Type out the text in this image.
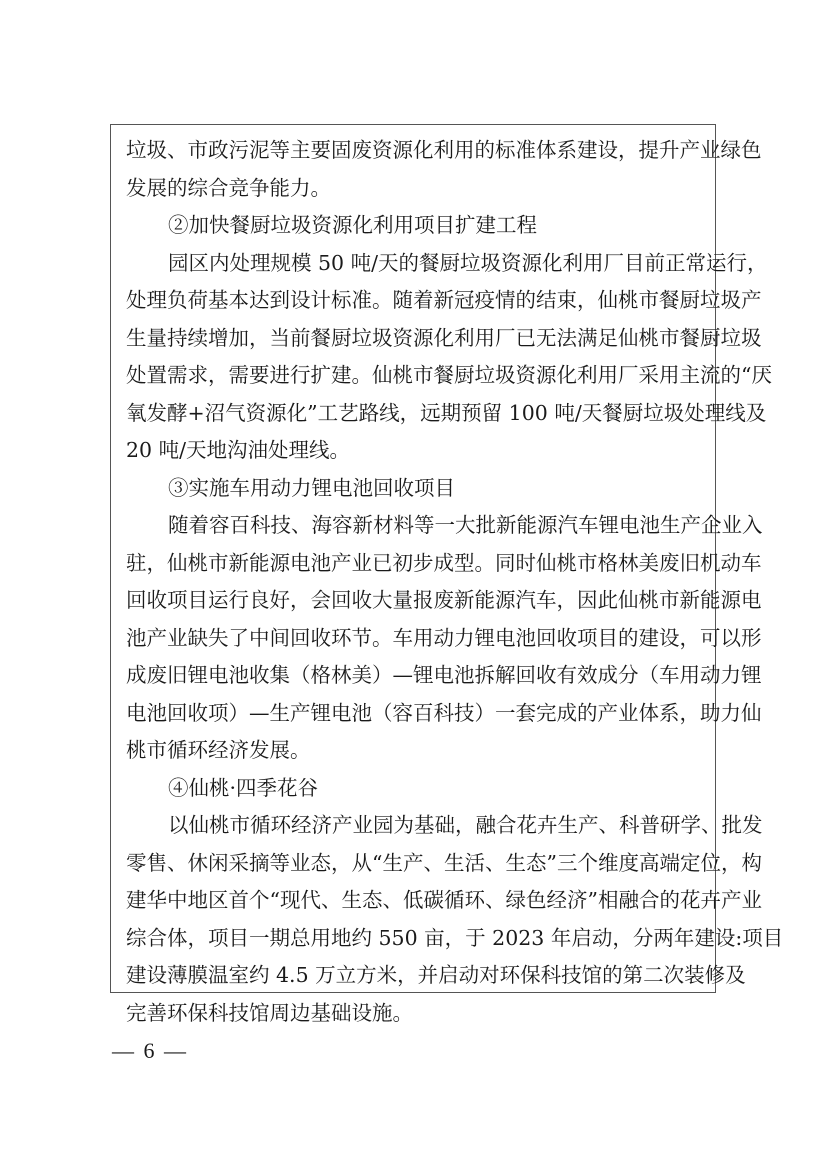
垃圾、市政污泥等主要固废资源化利用的标准体系建设，提升产业绿色
发展的综合竞争能力。
②加快餐厨垃圾资源化利用项目扩建工程
园区内处理规模 50 吨/天的餐厨垃圾资源化利用厂目前正常运行，
处理负荷基本达到设计标准。随着新冠疫情的结束，仙桃市餐厨垃圾产
生量持续增加，当前餐厨垃圾资源化利用厂已无法满足仙桃市餐厨垃圾
处置需求，需要进行扩建。仙桃市餐厨垃圾资源化利用厂采用主流的“厌
氧发酵+沼气资源化”工艺路线，远期预留 100 吨/天餐厨垃圾处理线及
20 吨/天地沟油处理线。
③实施车用动力锂电池回收项目
随着容百科技、海容新材料等一大批新能源汽车锂电池生产企业入
驻，仙桃市新能源电池产业已初步成型。同时仙桃市格林美废旧机动车
回收项目运行良好，会回收大量报废新能源汽车，因此仙桃市新能源电
池产业缺失了中间回收环节。车用动力锂电池回收项目的建设，可以形
成废旧锂电池收集（格林美）—锂电池拆解回收有效成分（车用动力锂
电池回收项）—生产锂电池（容百科技）一套完成的产业体系，助力仙
桃市循环经济发展。
④仙桃·四季花谷
以仙桃市循环经济产业园为基础，融合花卉生产、科普研学、批发
零售、休闲采摘等业态，从“生产、生活、生态”三个维度高端定位，构
建华中地区首个“现代、生态、低碳循环、绿色经济”相融合的花卉产业
综合体，项目一期总用地约 550 亩，于 2023 年启动，分两年建设:项目
建设薄膜温室约 4.5 万立方米，并启动对环保科技馆的第二次装修及
完善环保科技馆周边基础设施。
— 6 —
